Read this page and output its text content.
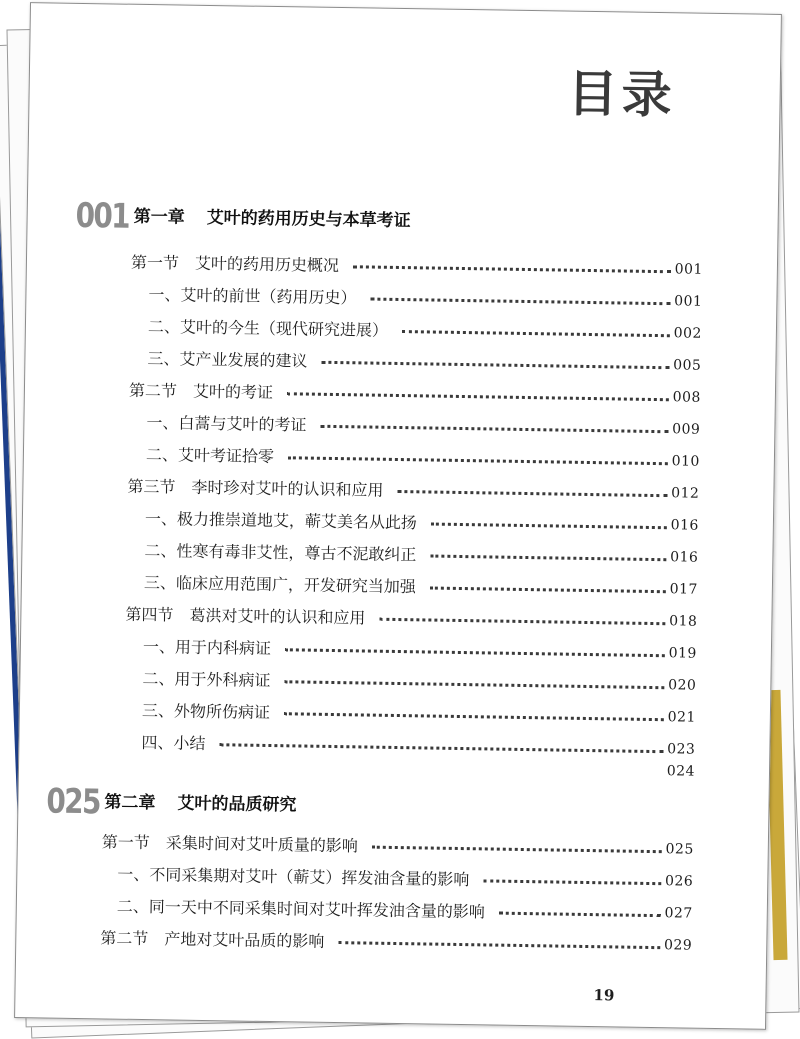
目录
001 第一章 艾叶的药用历史与本草考证
第一节　艾叶的药用历史概况	001
一、艾叶的前世（药用历史）	001
二、艾叶的今生（现代研究进展）	002
三、艾产业发展的建议	005
第二节　艾叶的考证	008
一、白蒿与艾叶的考证	009
二、艾叶考证拾零	010
第三节　李时珍对艾叶的认识和应用	012
一、极力推崇道地艾，蕲艾美名从此扬	016
二、性寒有毒非艾性，尊古不泥敢纠正	016
三、临床应用范围广，开发研究当加强	017
第四节　葛洪对艾叶的认识和应用	018
一、用于内科病证	019
二、用于外科病证	020
三、外物所伤病证	021
四、小结	023
024
025 第二章 艾叶的品质研究
第一节　采集时间对艾叶质量的影响	025
一、不同采集期对艾叶（蕲艾）挥发油含量的影响	026
二、同一天中不同采集时间对艾叶挥发油含量的影响	027
第二节　产地对艾叶品质的影响	029
19
